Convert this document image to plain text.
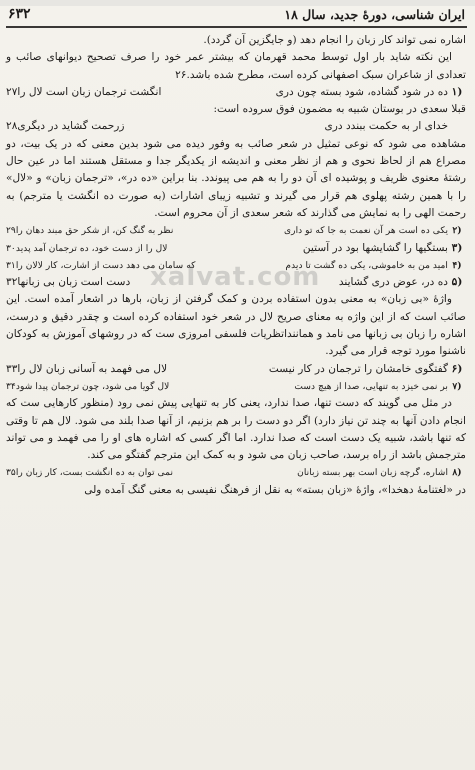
ایران شناسی، دورهٔ جدید، سال ۱۸
۶۳۲

اشاره نمی تواند کار زبان را انجام دهد (و جایگزین آن گردد).

این نکته شاید بار اول توسط محمد قهرمان که بیشتر عمر خود را صرف تصحیح دیوانهای صائب و تعدادی از شاعران سبک اصفهانی کرده است، مطرح شده باشد.۲۶

(۱
ده در شود گشاده، شود بسته چون دری
انگشت ترجمان زبان است لال را۲۷

قبلا سعدی در بوستان شبیه به مضمون فوق سروده است:

خدای ار به حکمت ببندد دری
زرحمت گشاید در دیگری۲۸

مشاهده می شود که نوعی تمثیل در شعر صائب به وفور دیده می شود بدین معنی که در یک بیت، دو مصراع هم از لحاظ نحوی و هم از نظر معنی و اندیشه از یکدیگر جدا و مستقل هستند اما در عین حال رشتهٔ معنوی ظریف و پوشیده ای آن دو را به هم می پیوندد. بنا براین «ده در»، «ترجمان زبان» و «لال» را با همین رشته پهلوی هم قرار می گیرند و تشبیه زیبای اشارات (به صورت ده انگشت یا مترجم) به رحمت الهی را به نمایش می گذارند که شعر سعدی از آن محروم است.

(۲
یکی ده است هر آن نعمت به جا که تو داری
نظر به گنگ کن، از شکر حق مبند دهان را۲۹
(۳
بستگیها را گشایشها بود در آستین
لال را از دست خود، ده ترجمان آمد پدید۳۰
(۴
امید من به خاموشی، یکی ده گشت تا دیدم
که سامان می دهد دست از اشارت، کار لالان را۳۱
(۵
ده در، عوض دری گشایند
دست است زبان بی زبانها۳۲

واژهٔ «بی زبان» به معنی بدون استفاده بردن و کمک گرفتن از زبان، بارها در اشعار آمده است. این صائب است که از این واژه به معنای صریح لال در شعر خود استفاده کرده است و چقدر دقیق و درست، اشاره را زبان بی زبانها می نامد و هماننداتظریات فلسفی امروزی ست که در روشهای آموزش به کودکان ناشنوا مورد توجه قرار می گیرد.

(۶
گفتگوی خامشان را ترجمان در کار نیست
لال می فهمد به آسانی زبان لال را۳۳
(۷
بر نمی خیزد به تنهایی، صدا از هیچ دست
لال گویا می شود، چون ترجمان پیدا شود۳۴

در مثل می گویند که دست تنها، صدا ندارد، یعنی کار به تنهایی پیش نمی رود (منظور کارهایی ست که انجام دادن آنها به چند تن نیاز دارد) اگر دو دست را بر هم بزنیم، از آنها صدا بلند می شود. لال هم تا وقتی که تنها باشد، شبیه یک دست است که صدا ندارد. اما اگر کسی که اشاره های او را می فهمد و می تواند مترجمش باشد از راه برسد، صاحب زبان می شود و به کمک این مترجم گفتگو می کند.

(۸
اشاره، گرچه زبان است بهر بسته زبانان
نمی توان به ده انگشت بست، کار زبان را۳۵

در «لغتنامهٔ دهخدا»، واژهٔ «زبان بسته» به نقل از فرهنگ نفیسی به معنی گنگ آمده ولی

xalvat.com
